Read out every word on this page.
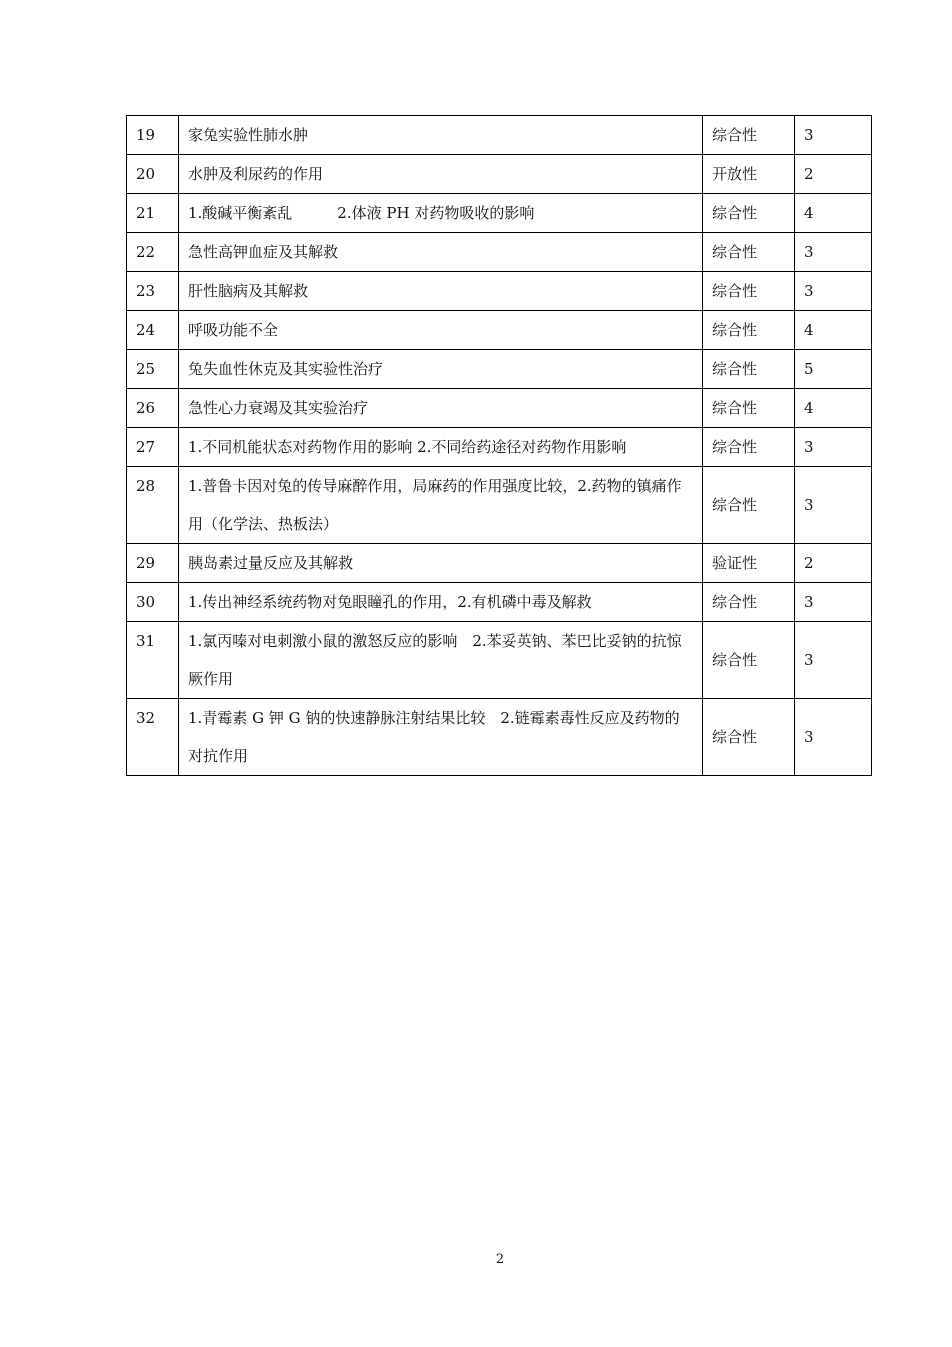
19	家兔实验性肺水肿	综合性	3
20	水肿及利尿药的作用	开放性	2
21	1.酸碱平衡紊乱　　　2.体液 PH 对药物吸收的影响	综合性	4
22	急性高钾血症及其解救	综合性	3
23	肝性脑病及其解救	综合性	3
24	呼吸功能不全	综合性	4
25	兔失血性休克及其实验性治疗	综合性	5
26	急性心力衰竭及其实验治疗	综合性	4
27	1.不同机能状态对药物作用的影响 2.不同给药途径对药物作用影响	综合性	3
28	1.普鲁卡因对兔的传导麻醉作用，局麻药的作用强度比较，2.药物的镇痛作用（化学法、热板法）	综合性	3
29	胰岛素过量反应及其解救	验证性	2
30	1.传出神经系统药物对兔眼瞳孔的作用，2.有机磷中毒及解救	综合性	3
31	1.氯丙嗪对电刺激小鼠的激怒反应的影响　2.苯妥英钠、苯巴比妥钠的抗惊厥作用	综合性	3
32	1.青霉素 G 钾 G 钠的快速静脉注射结果比较　2.链霉素毒性反应及药物的对抗作用	综合性	3
2
